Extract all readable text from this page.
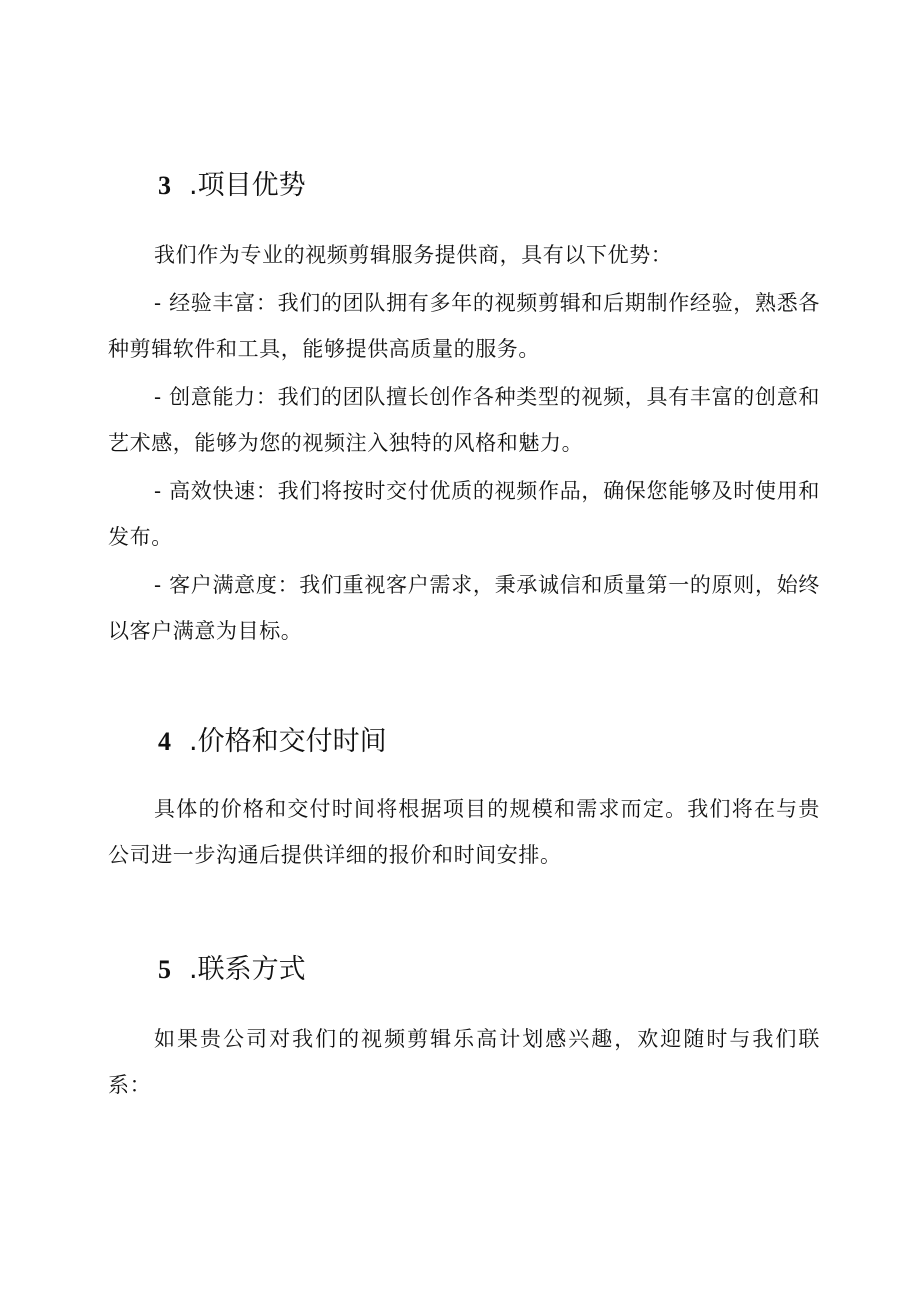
3 .项目优势

我们作为专业的视频剪辑服务提供商，具有以下优势：

- 经验丰富：我们的团队拥有多年的视频剪辑和后期制作经验，熟悉各种剪辑软件和工具，能够提供高质量的服务。

- 创意能力：我们的团队擅长创作各种类型的视频，具有丰富的创意和艺术感，能够为您的视频注入独特的风格和魅力。

- 高效快速：我们将按时交付优质的视频作品，确保您能够及时使用和发布。

- 客户满意度：我们重视客户需求，秉承诚信和质量第一的原则，始终以客户满意为目标。

4 .价格和交付时间

具体的价格和交付时间将根据项目的规模和需求而定。我们将在与贵公司进一步沟通后提供详细的报价和时间安排。

5 .联系方式

如果贵公司对我们的视频剪辑乐高计划感兴趣，欢迎随时与我们联系：
